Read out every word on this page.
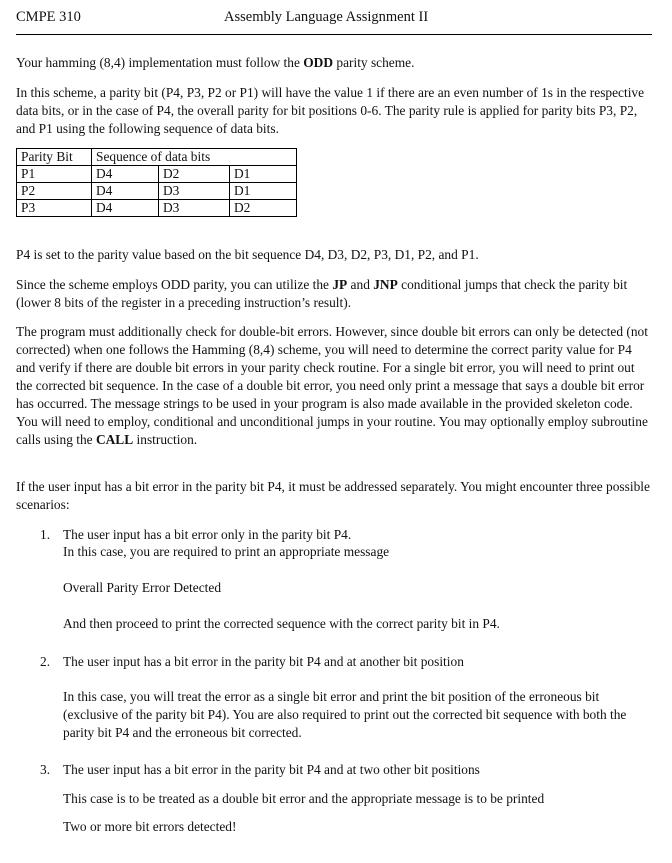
CMPE 310	Assembly Language Assignment II

Your hamming (8,4) implementation must follow the ODD parity scheme.

In this scheme, a parity bit (P4, P3, P2 or P1) will have the value 1 if there are an even number of 1s in the respective data bits, or in the case of P4, the overall parity for bit positions 0-6. The parity rule is applied for parity bits P3, P2, and P1 using the following sequence of data bits.

Parity Bit	Sequence of data bits		
P1	D4	D2	D1
P2	D4	D3	D1
P3	D4	D3	D2

P4 is set to the parity value based on the bit sequence D4, D3, D2, P3, D1, P2, and P1.

Since the scheme employs ODD parity, you can utilize the JP and JNP conditional jumps that check the parity bit (lower 8 bits of the register in a preceding instruction’s result).

The program must additionally check for double-bit errors. However, since double bit errors can only be detected (not corrected) when one follows the Hamming (8,4) scheme, you will need to determine the correct parity value for P4 and verify if there are double bit errors in your parity check routine. For a single bit error, you will need to print out the corrected bit sequence. In the case of a double bit error, you need only print a message that says a double bit error has occurred. The message strings to be used in your program is also made available in the provided skeleton code. You will need to employ, conditional and unconditional jumps in your routine. You may optionally employ subroutine calls using the CALL instruction.

If the user input has a bit error in the parity bit P4, it must be addressed separately. You might encounter three possible scenarios:

1. The user input has a bit error only in the parity bit P4.

In this case, you are required to print an appropriate message

Overall Parity Error Detected

And then proceed to print the corrected sequence with the correct parity bit in P4.

2. The user input has a bit error in the parity bit P4 and at another bit position

In this case, you will treat the error as a single bit error and print the bit position of the erroneous bit (exclusive of the parity bit P4). You are also required to print out the corrected bit sequence with both the parity bit P4 and the erroneous bit corrected.

3. The user input has a bit error in the parity bit P4 and at two other bit positions

This case is to be treated as a double bit error and the appropriate message is to be printed

Two or more bit errors detected!
